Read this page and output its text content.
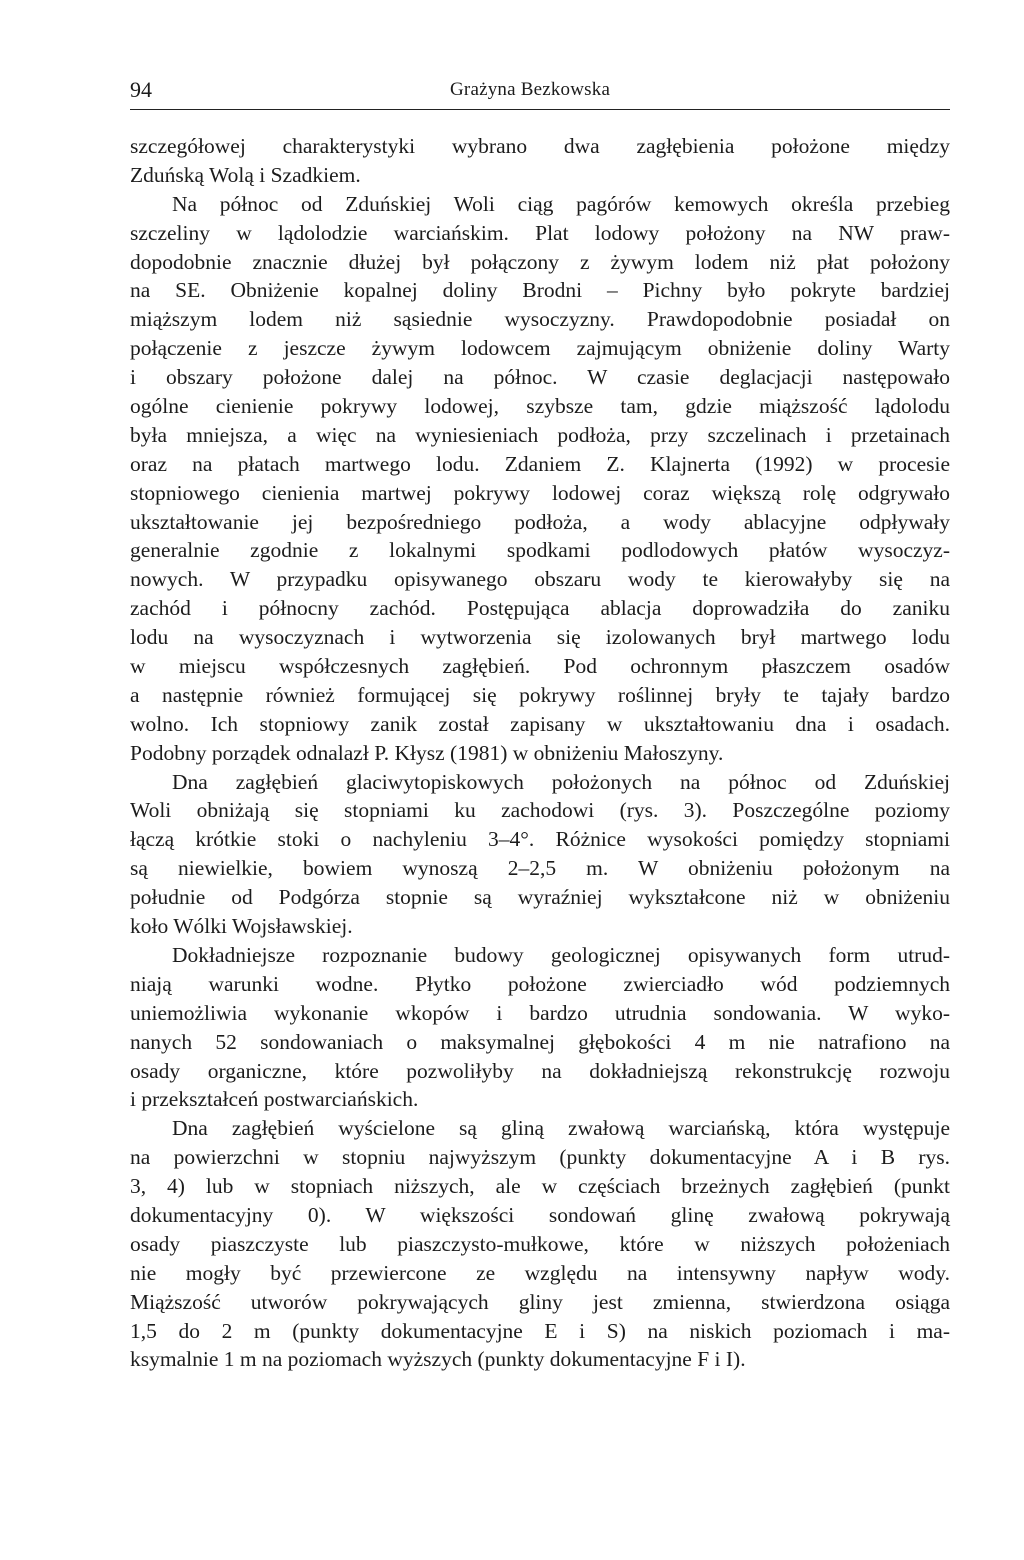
94	Grażyna Bezkowska
szczegółowej charakterystyki wybrano dwa zagłębienia położone między
Zduńską Wolą i Szadkiem.
Na północ od Zduńskiej Woli ciąg pagórów kemowych określa przebieg
szczeliny w lądolodzie warciańskim. Plat lodowy położony na NW praw-
dopodobnie znacznie dłużej był połączony z żywym lodem niż płat położony
na SE. Obniżenie kopalnej doliny Brodni – Pichny było pokryte bardziej
miąższym lodem niż sąsiednie wysoczyzny. Prawdopodobnie posiadał on
połączenie z jeszcze żywym lodowcem zajmującym obniżenie doliny Warty
i obszary położone dalej na północ. W czasie deglacjacji następowało
ogólne cienienie pokrywy lodowej, szybsze tam, gdzie miąższość lądolodu
była mniejsza, a więc na wyniesieniach podłoża, przy szczelinach i przetainach
oraz na płatach martwego lodu. Zdaniem Z. Klajnerta (1992) w procesie
stopniowego cienienia martwej pokrywy lodowej coraz większą rolę odgrywało
ukształtowanie jej bezpośredniego podłoża, a wody ablacyjne odpływały
generalnie zgodnie z lokalnymi spodkami podlodowych płatów wysoczyz-
nowych. W przypadku opisywanego obszaru wody te kierowałyby się na
zachód i północny zachód. Postępująca ablacja doprowadziła do zaniku
lodu na wysoczyznach i wytworzenia się izolowanych brył martwego lodu
w miejscu współczesnych zagłębień. Pod ochronnym płaszczem osadów
a następnie również formującej się pokrywy roślinnej bryły te tajały bardzo
wolno. Ich stopniowy zanik został zapisany w ukształtowaniu dna i osadach.
Podobny porządek odnalazł P. Kłysz (1981) w obniżeniu Małoszyny.
Dna zagłębień glaciwytopiskowych położonych na północ od Zduńskiej
Woli obniżają się stopniami ku zachodowi (rys. 3). Poszczególne poziomy
łączą krótkie stoki o nachyleniu 3–4°. Różnice wysokości pomiędzy stopniami
są niewielkie, bowiem wynoszą 2–2,5 m. W obniżeniu położonym na
południe od Podgórza stopnie są wyraźniej wykształcone niż w obniżeniu
koło Wólki Wojsławskiej.
Dokładniejsze rozpoznanie budowy geologicznej opisywanych form utrud-
niają warunki wodne. Płytko położone zwierciadło wód podziemnych
uniemożliwia wykonanie wkopów i bardzo utrudnia sondowania. W wyko-
nanych 52 sondowaniach o maksymalnej głębokości 4 m nie natrafiono na
osady organiczne, które pozwoliłyby na dokładniejszą rekonstrukcję rozwoju
i przekształceń postwarciańskich.
Dna zagłębień wyścielone są gliną zwałową warciańską, która występuje
na powierzchni w stopniu najwyższym (punkty dokumentacyjne A i B rys.
3, 4) lub w stopniach niższych, ale w częściach brzeżnych zagłębień (punkt
dokumentacyjny 0). W większości sondowań glinę zwałową pokrywają
osady piaszczyste lub piaszczysto-mułkowe, które w niższych położeniach
nie mogły być przewiercone ze względu na intensywny napływ wody.
Miąższość utworów pokrywających gliny jest zmienna, stwierdzona osiąga
1,5 do 2 m (punkty dokumentacyjne E i S) na niskich poziomach i ma-
ksymalnie 1 m na poziomach wyższych (punkty dokumentacyjne F i I).
